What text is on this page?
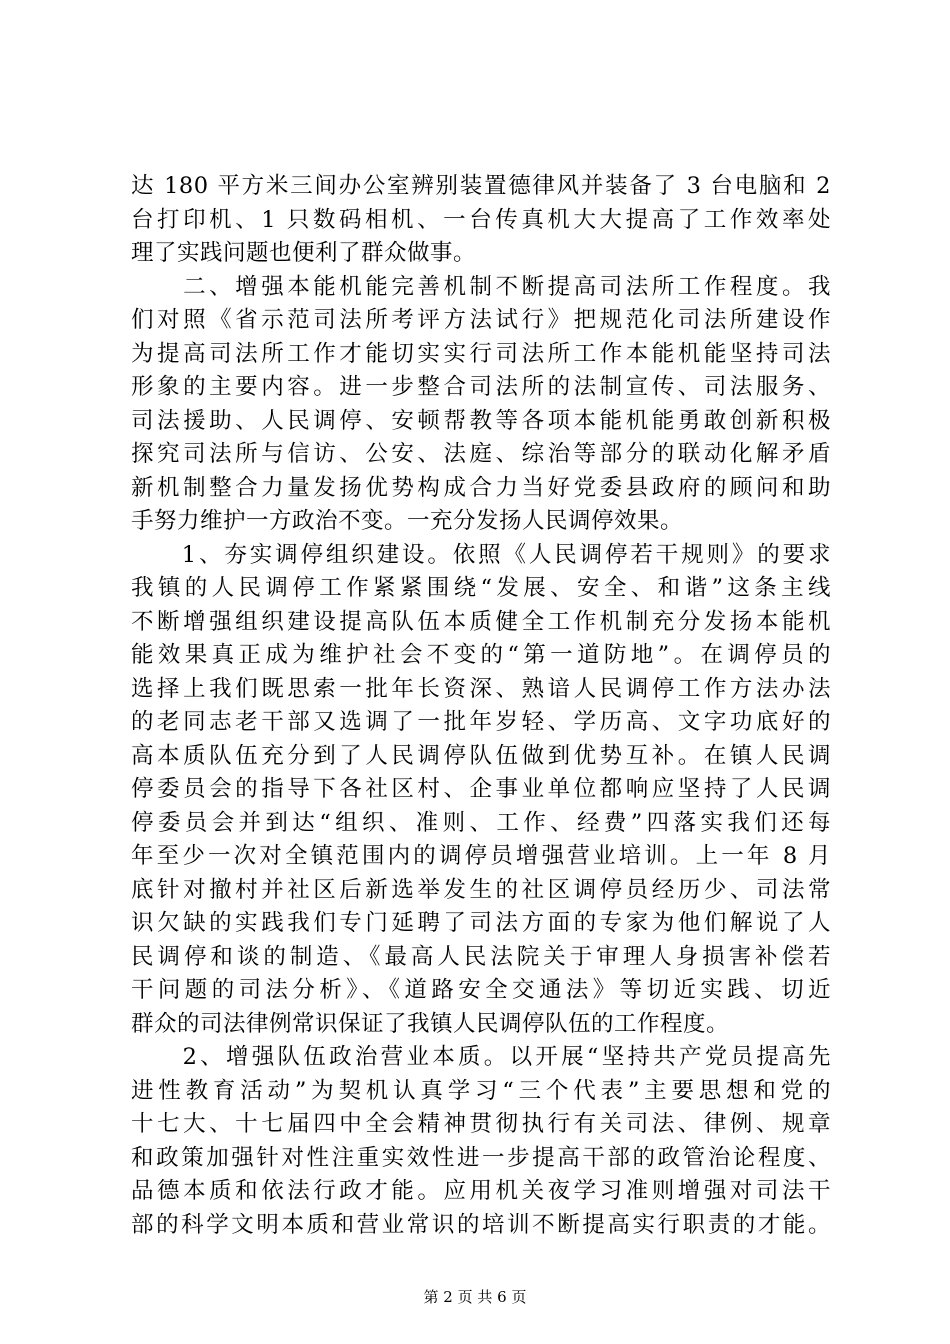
达 180 平方米三间办公室辨别装置德律风并装备了 3 台电脑和 2
台打印机、1 只数码相机、一台传真机大大提高了工作效率处
理了实践问题也便利了群众做事。
　　二、增强本能机能完善机制不断提高司法所工作程度。我
们对照《省示范司法所考评方法试行》把规范化司法所建设作
为提高司法所工作才能切实实行司法所工作本能机能坚持司法
形象的主要内容。进一步整合司法所的法制宣传、司法服务、
司法援助、人民调停、安顿帮教等各项本能机能勇敢创新积极
探究司法所与信访、公安、法庭、综治等部分的联动化解矛盾
新机制整合力量发扬优势构成合力当好党委县政府的顾问和助
手努力维护一方政治不变。一充分发扬人民调停效果。
　　1、夯实调停组织建设。依照《人民调停若干规则》的要求
我镇的人民调停工作紧紧围绕“发展、安全、和谐”这条主线
不断增强组织建设提高队伍本质健全工作机制充分发扬本能机
能效果真正成为维护社会不变的“第一道防地”。在调停员的
选择上我们既思索一批年长资深、熟谙人民调停工作方法办法
的老同志老干部又选调了一批年岁轻、学历高、文字功底好的
高本质队伍充分到了人民调停队伍做到优势互补。在镇人民调
停委员会的指导下各社区村、企事业单位都响应坚持了人民调
停委员会并到达“组织、准则、工作、经费”四落实我们还每
年至少一次对全镇范围内的调停员增强营业培训。上一年 8 月
底针对撤村并社区后新选举发生的社区调停员经历少、司法常
识欠缺的实践我们专门延聘了司法方面的专家为他们解说了人
民调停和谈的制造、《最高人民法院关于审理人身损害补偿若
干问题的司法分析》、《道路安全交通法》等切近实践、切近
群众的司法律例常识保证了我镇人民调停队伍的工作程度。
　　2、增强队伍政治营业本质。以开展“坚持共产党员提高先
进性教育活动”为契机认真学习“三个代表”主要思想和党的
十七大、十七届四中全会精神贯彻执行有关司法、律例、规章
和政策加强针对性注重实效性进一步提高干部的政管治论程度、
品德本质和依法行政才能。应用机关夜学习准则增强对司法干
部的科学文明本质和营业常识的培训不断提高实行职责的才能。
第 2 页 共 6 页
